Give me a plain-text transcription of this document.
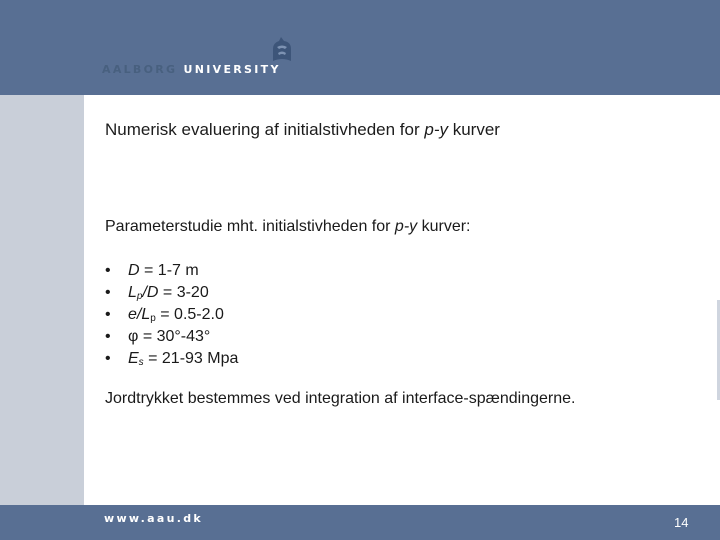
AALBORG UNIVERSITY
Numerisk evaluering af initialstivheden for p-y kurver
Parameterstudie mht. initialstivheden for p-y kurver:
• D = 1-7 m
• $L_p/D = 3-20$
• $e/L_p = 0.5-2.0$
• φ = 30°-43°
• $E_s = 21-93$ Mpa
Jordtrykket bestemmes ved integration af interface-spændingerne.
www.aau.dk	14
